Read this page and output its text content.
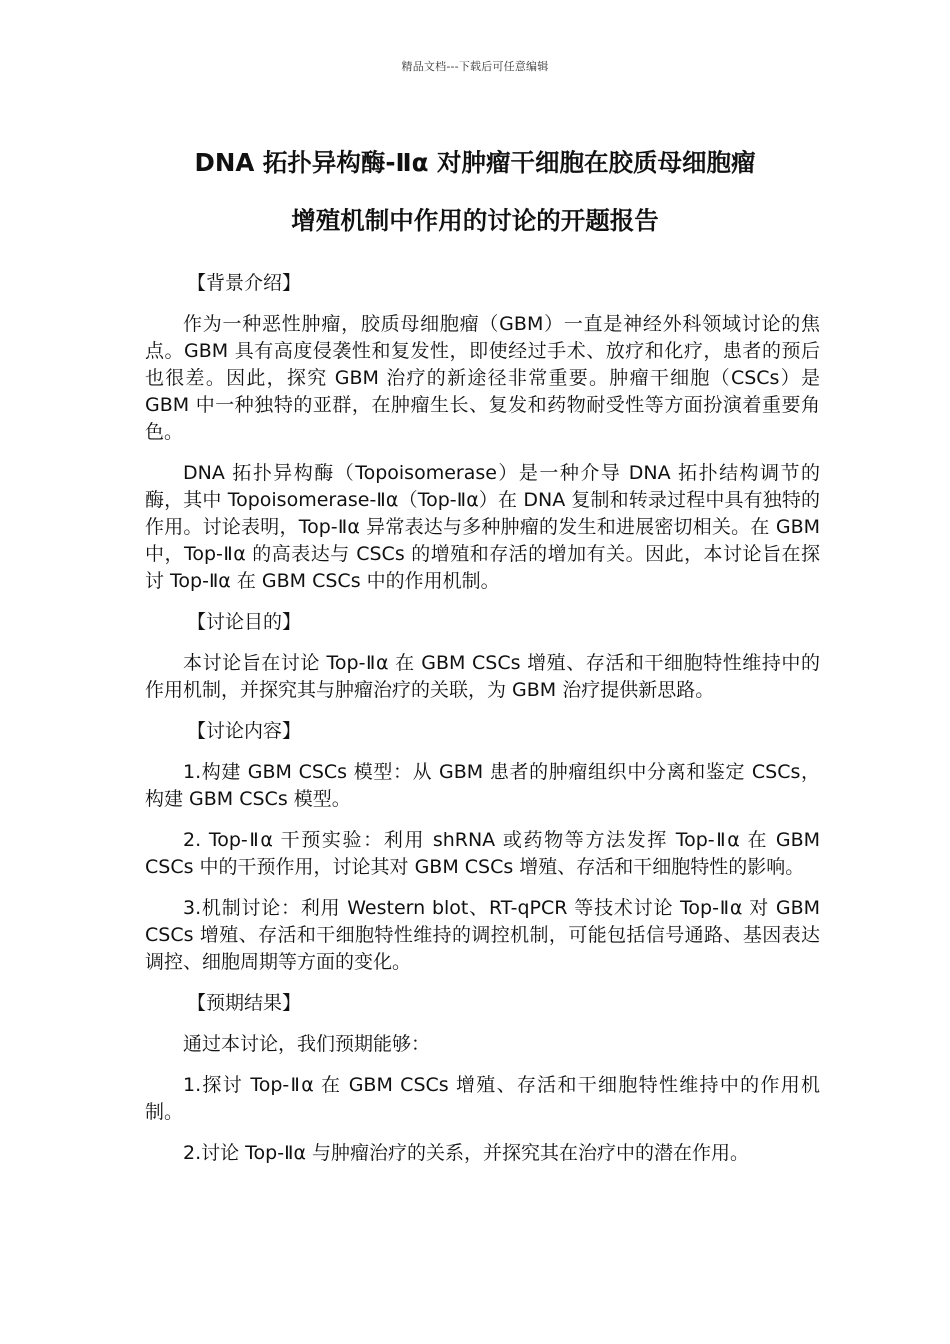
精品文档---下载后可任意编辑
DNA 拓扑异构酶-Ⅱα 对肿瘤干细胞在胶质母细胞瘤
增殖机制中作用的讨论的开题报告

【背景介绍】

作为一种恶性肿瘤，胶质母细胞瘤（GBM）一直是神经外科领域讨论的焦点。GBM 具有高度侵袭性和复发性，即使经过手术、放疗和化疗，患者的预后也很差。因此，探究 GBM 治疗的新途径非常重要。肿瘤干细胞（CSCs）是 GBM 中一种独特的亚群，在肿瘤生长、复发和药物耐受性等方面扮演着重要角色。

DNA 拓扑异构酶（Topoisomerase）是一种介导 DNA 拓扑结构调节的酶，其中 Topoisomerase-Ⅱα（Top-Ⅱα）在 DNA 复制和转录过程中具有独特的作用。讨论表明，Top-Ⅱα 异常表达与多种肿瘤的发生和进展密切相关。在 GBM 中，Top-Ⅱα 的高表达与 CSCs 的增殖和存活的增加有关。因此，本讨论旨在探讨 Top-Ⅱα 在 GBM CSCs 中的作用机制。

【讨论目的】

本讨论旨在讨论 Top-Ⅱα 在 GBM CSCs 增殖、存活和干细胞特性维持中的作用机制，并探究其与肿瘤治疗的关联，为 GBM 治疗提供新思路。

【讨论内容】

1.构建 GBM CSCs 模型：从 GBM 患者的肿瘤组织中分离和鉴定 CSCs，构建 GBM CSCs 模型。

2. Top-Ⅱα 干预实验：利用 shRNA 或药物等方法发挥 Top-Ⅱα 在 GBM CSCs 中的干预作用，讨论其对 GBM CSCs 增殖、存活和干细胞特性的影响。

3.机制讨论：利用 Western blot、RT-qPCR 等技术讨论 Top-Ⅱα 对 GBM CSCs 增殖、存活和干细胞特性维持的调控机制，可能包括信号通路、基因表达调控、细胞周期等方面的变化。

【预期结果】

通过本讨论，我们预期能够：

1.探讨 Top-Ⅱα 在 GBM CSCs 增殖、存活和干细胞特性维持中的作用机制。

2.讨论 Top-Ⅱα 与肿瘤治疗的关系，并探究其在治疗中的潜在作用。
